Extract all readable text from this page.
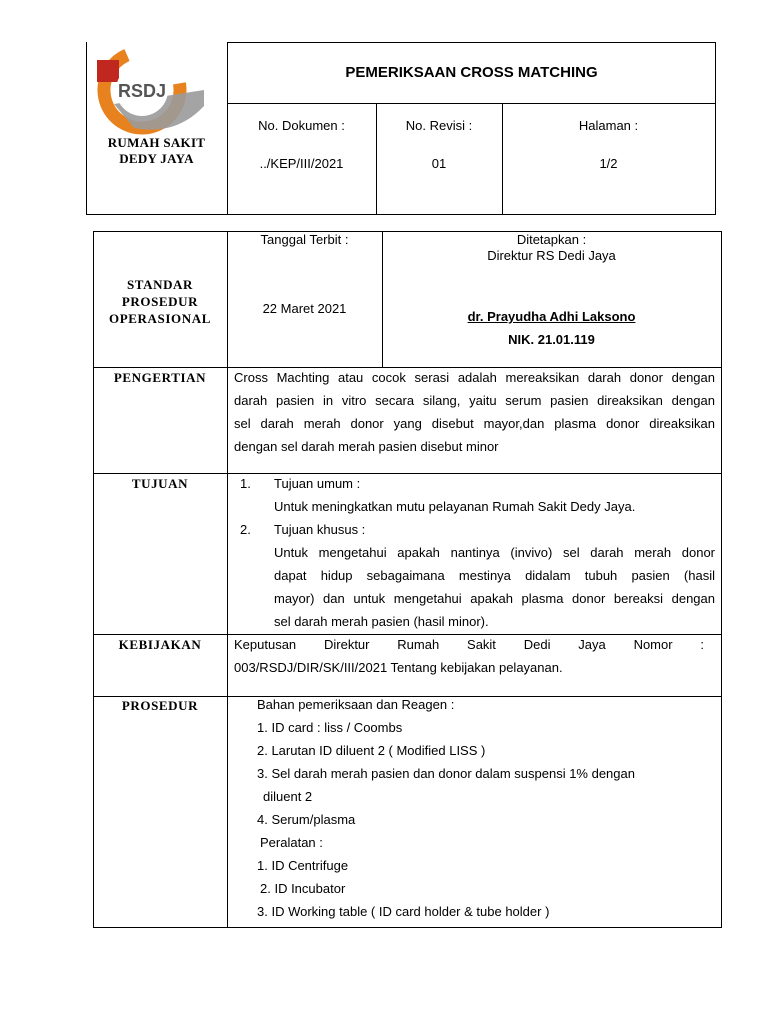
RSDJ
RUMAH SAKIT
DEDY JAYA
PEMERIKSAAN CROSS MATCHING
No. Dokumen :
../KEP/III/2021
No. Revisi :
01
Halaman :
1/2
STANDAR
PROSEDUR
OPERASIONAL
Tanggal Terbit :
22 Maret 2021
Ditetapkan :
Direktur RS Dedi Jaya
dr. Prayudha Adhi Laksono
NIK. 21.01.119
PENGERTIAN	Cross Machting atau cocok serasi adalah mereaksikan darah donor dengan
darah pasien in vitro secara silang, yaitu serum pasien direaksikan dengan
sel darah merah donor yang disebut mayor,dan plasma donor direaksikan
dengan sel darah merah pasien disebut minor
TUJUAN	1. Tujuan umum :
Untuk meningkatkan mutu pelayanan Rumah Sakit Dedy Jaya.
2. Tujuan khusus :
Untuk mengetahui apakah nantinya (invivo) sel darah merah donor
dapat hidup sebagaimana mestinya didalam tubuh pasien (hasil
mayor) dan untuk mengetahui apakah plasma donor bereaksi dengan
sel darah merah pasien (hasil minor).
KEBIJAKAN	Keputusan Direktur Rumah Sakit Dedi Jaya Nomor :
003/RSDJ/DIR/SK/III/2021 Tentang kebijakan pelayanan.
PROSEDUR	Bahan pemeriksaan dan Reagen :
1. ID card : liss / Coombs
2. Larutan ID diluent 2 ( Modified LISS )
3. Sel darah merah pasien dan donor dalam suspensi 1% dengan
diluent 2
4. Serum/plasma
Peralatan :
1. ID Centrifuge
2. ID Incubator
3. ID Working table ( ID card holder & tube holder )
